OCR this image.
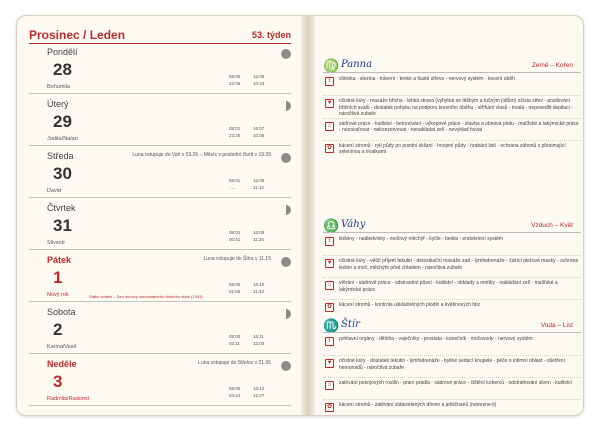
Prosinec / Leden	53. týden
Pondělí
28
Bohumila
08:00	16:08
22:06	10:43
Úterý
29
Judita/Natan
08:01	16:07
23:25	10:58
Středa
30
David
Luna vstupuje do Vah v 03.26 – Měsíc v poslední čtvrti v 19:39
08:01	16:08
......	11:12
Čtvrtek
31
Silvestr
08:01	16:09
00:41	11:26
Pátek
1
Nový rok
Luna vstupuje do Štíra v 11.15
Státní svátek – Den obnovy samostatného českého státu (1993)
08:00	16:10
01:56	11:43
Sobota
2
Karina/Vasil
08:00	16:11
03:11	12:03
Neděle
3
Radmila/Radomil
Luna vstupuje do Střelce v 21.56
08:00	16:12
04:24	12:27
♍ Panna	Země – Kořen
⚕	slinivka - slezina - trávení - tenké a tlusté střevo - nervový systém - kosvní oběh
♥	očistné kúry - masáže břicha - lehká strava (vyhýbat se těžkým a tučným jídlům) očista střev - posilování břišních svalů - dostatek pohybu na podporu krevního oběhu - stříhání vlasů - trvalá - nepovedlit depilaci - náročtivá zubaře
⌂	sádrové práce - kutilství - betonování - výkopové práce - stavba a obnova plotu - malířské a lakýrnické práce - nezavařovat - nekonzervovat - nenakládat zelí - nevyklad hovat
✿	kácení stromů - rytí půdy po pozdní sklizní - hnojení půdy - hrabání listí - ochrana záhonů s přezimující zeleninou a trvalkami
♎ Váhy	Vzduch – Květ
⚕	ledviny - nadledvinky - močový měchýř - kyčle - bedra - endokrinní systém
♥	očistné kúry - větší příjem tekutin - detoxikační masáže zad - lymfodrenáže - čistící pleťové masky - ochrana ledvin a moč. měchýře před chladem - náročtivá zubaře
⌂	větrání - sádrové práce - odstranění plísní - kutilství - obklady a omítky - nakládání zelí - malířské a lakýrnické práce
✿	kácení stromů - kontrola uskladněných plodin a květinových hlíz
♏ Štír	Voda – List
⚕	pohlavní orgány - děloha - vaječníky - prostata - konečník - močovody - nervový systém
♥	očistné kúry - dostatek tekutin - lymfodrenáže - byliné sedací koupele - péče o intimní oblast - ošetření hemoroidů - náročtivá zubaře
⌂	zalévání pokojových rostlin - praní prádla - sádrové práce - čištění koberců - odstraňování skvrn - kutilství
✿	kácení stromů - zalévání stálezelených dřevin a jehličnanů (nemrzne-li)
